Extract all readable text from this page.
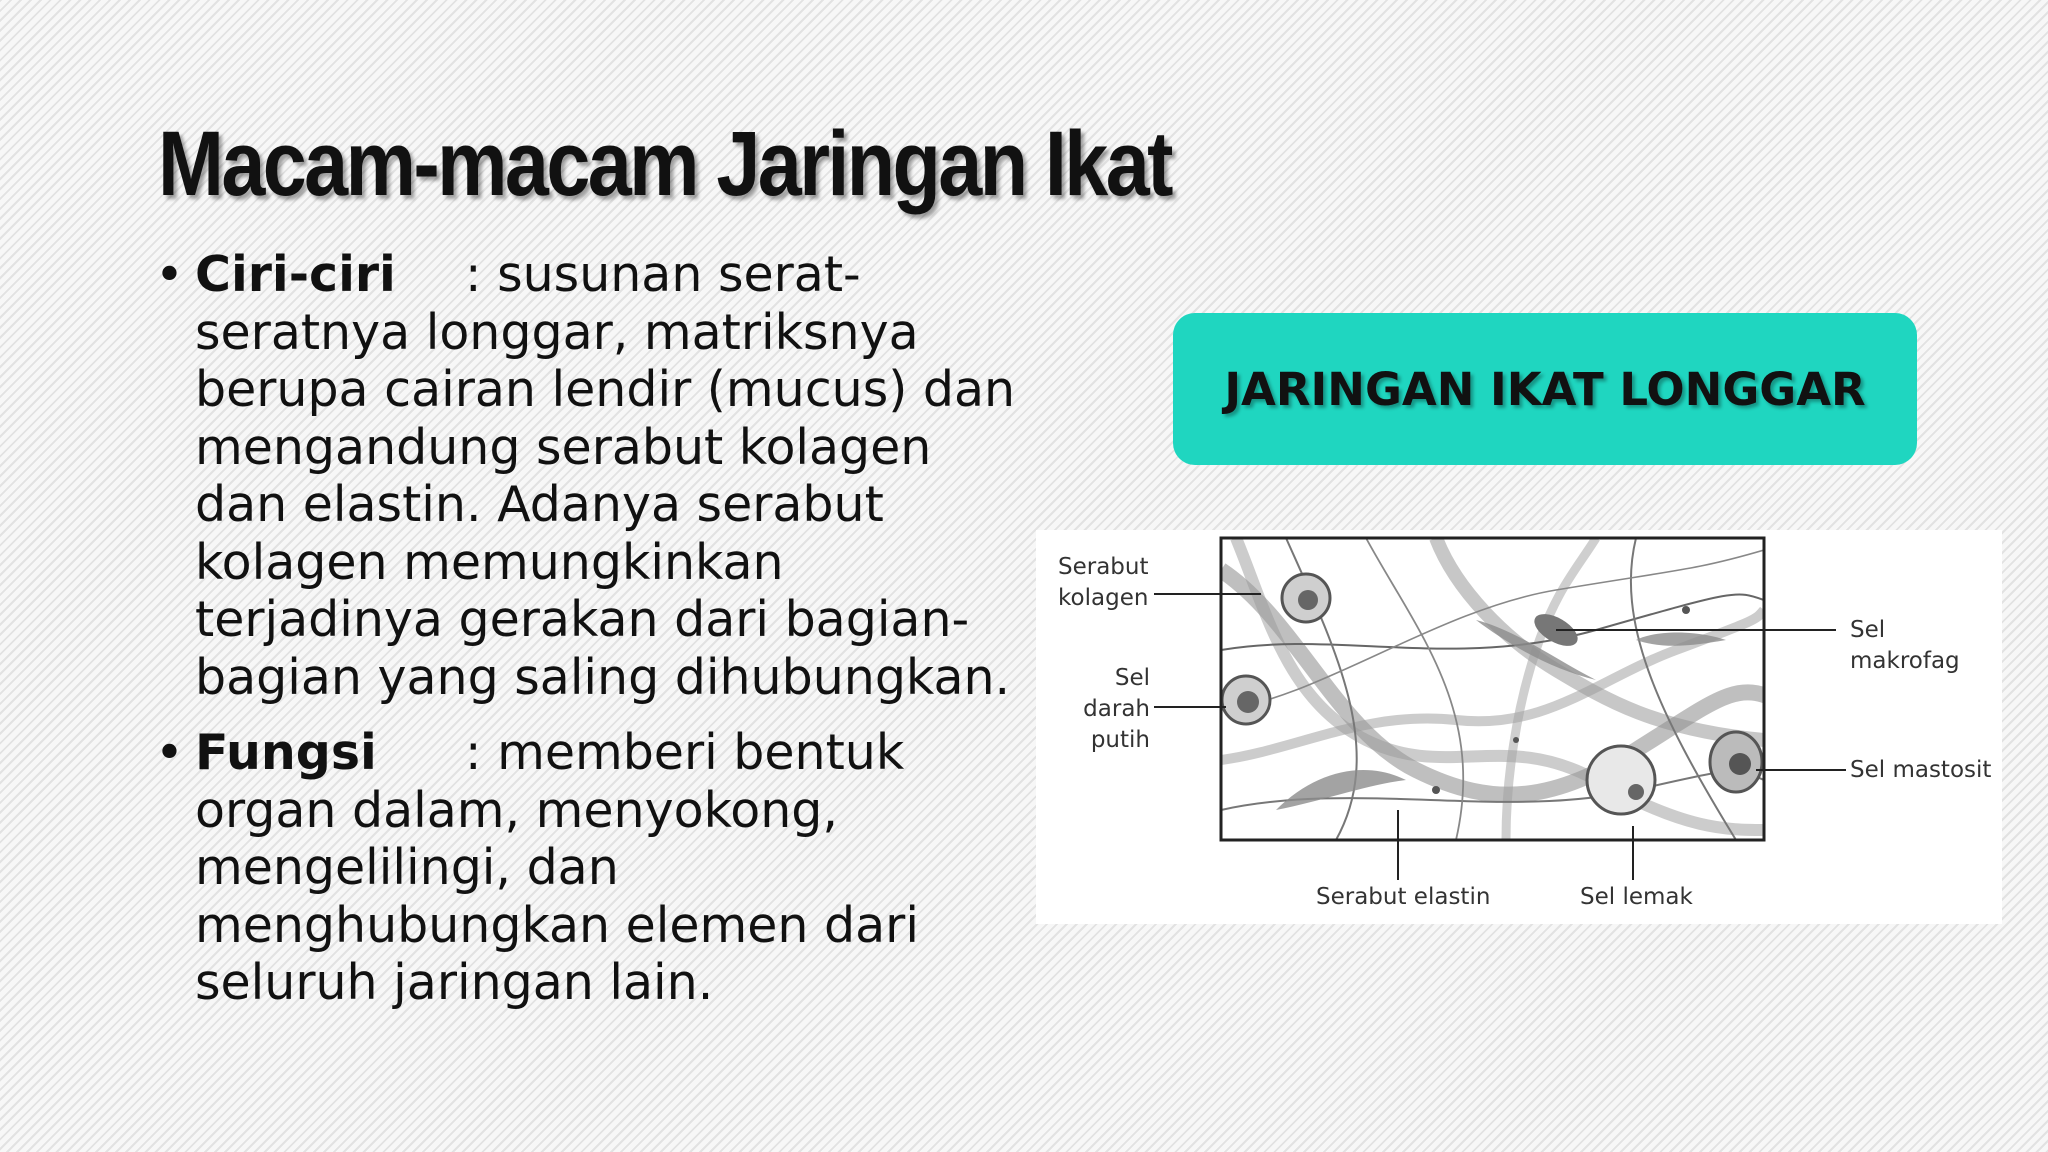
Macam-macam Jaringan Ikat
• Ciri-ciri : susunan serat-seratnya longgar, matriksnya berupa cairan lendir (mucus) dan mengandung serabut kolagen dan elastin. Adanya serabut kolagen memungkinkan terjadinya gerakan dari bagian-bagian yang saling dihubungkan.
• Fungsi : memberi bentuk organ dalam, menyokong, mengelilingi, dan menghubungkan elemen dari seluruh jaringan lain.
JARINGAN IKAT LONGGAR
Serabut
kolagen
Sel darah
putih
Sel makrofag
Sel mastosit
Serabut elastin	Sel lemak
